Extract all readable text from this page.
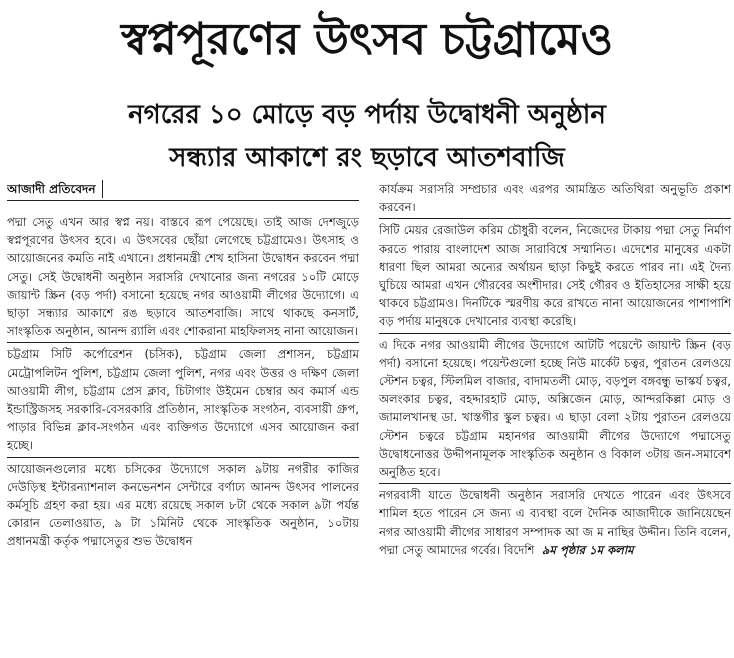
স্বপ্নপূরণের উৎসব চট্টগ্রামেও
নগরের ১০ মোড়ে বড় পর্দায় উদ্বোধনী অনুষ্ঠান
সন্ধ্যার আকাশে রং ছড়াবে আতশবাজি
আজাদী প্রতিবেদন

পদ্মা সেতু এখন আর স্বপ্ন নয়। বাস্তবে রূপ পেয়েছে। তাই আজ দেশজুড়ে স্বপ্নপূরণের উৎসব হবে। এ উৎসবের ছোঁয়া লেগেছে চট্টগ্রামেও। উৎসাহ ও আয়োজনের কমতি নাই এখানে। প্রধানমন্ত্রী শেখ হাসিনা উদ্বোধন করবেন পদ্মা সেতু। সেই উদ্বোধনী অনুষ্ঠান সরাসরি দেখানোর জন্য নগরের ১০টি মোড়ে জায়ান্ট স্ক্রিন (বড় পর্দা) বসানো হয়েছে নগর আওয়ামী লীগের উদ্যোগে। এ ছাড়া সন্ধ্যার আকাশে রঙ ছড়াবে আতশবাজি। সাথে থাকছে কনসার্ট, সাংস্কৃতিক অনুষ্ঠান, আনন্দ র‌্যালি এবং শোকরানা মাহফিলসহ নানা আয়োজন।

চট্টগ্রাম সিটি কর্পোরেশন (চসিক), চট্টগ্রাম জেলা প্রশাসন, চট্টগ্রাম মেট্রোপলিটন পুলিশ, চট্টগ্রাম জেলা পুলিশ, নগর এবং উত্তর ও দক্ষিণ জেলা আওয়ামী লীগ, চট্টগ্রাম প্রেস ক্লাব, চিটাগাং উইমেন চেম্বার অব কমার্স এন্ড ইন্ডাস্ট্রিজসহ সরকারি-বেসরকারি প্রতিষ্ঠান, সাংস্কৃতিক সংগঠন, ব্যবসায়ী গ্রুপ, পাড়ার বিভিন্ন ক্লাব-সংগঠন এবং ব্যক্তিগত উদ্যোগে এসব আয়োজন করা হচ্ছে।

আয়োজনগুলোর মধ্যে চসিকের উদ্যোগে সকাল ৯টায় নগরীর কাজির দেউড়িস্থ ইন্টারন্যাশনাল কনভেনশন সেন্টারে বর্ণাঢ্য আনন্দ উৎসব পালনের কর্মসূচি গ্রহণ করা হয়। এর মধ্যে রয়েছে সকাল ৮টা থেকে সকাল ৯টা পর্যন্ত কোরান তেলাওয়াত, ৯ টা ১মিনিট থেকে সাংস্কৃতিক অনুষ্ঠান, ১০টায় প্রধানমন্ত্রী কর্তৃক পদ্মাসেতুর শুভ উদ্বোধন

কার্যক্রম সরাসরি সম্প্রচার এবং এরপর আমন্ত্রিত অতিথিরা অনুভূতি প্রকাশ করবেন।

সিটি মেয়র রেজাউল করিম চৌধুরী বলেন, নিজেদের টাকায় পদ্মা সেতু নির্মাণ করতে পারায় বাংলাদেশ আজ সারাবিশ্বে সম্মানিত। এদেশের মানুষের একটা ধারণা ছিল আমরা অন্যের অর্থায়ন ছাড়া কিছুই করতে পারব না। এই দৈন্য ঘুচিয়ে আমরা এখন গৌরবের অংশীদার। সেই গৌরব ও ইতিহাসের সাক্ষী হয়ে থাকবে চট্টগ্রামও। দিনটিকে স্মরণীয় করে রাখতে নানা আয়োজনের পাশাপাশি বড় পর্দায় মানুষকে দেখানোর ব্যবস্থা করেছি।

এ দিকে নগর আওয়ামী লীগের উদ্যোগে আটটি পয়েন্টে জায়ান্ট স্ক্রিন (বড় পর্দা) বসানো হয়েছে। পয়েন্টগুলো হচ্ছে নিউ মার্কেট চত্বর, পুরাতন রেলওয়ে স্টেশন চত্বর, স্টিলমিল বাজার, বাদামতলী মোড়, বড়পুল বঙ্গবন্ধু ভাস্কর্য চত্বর, অলংকার চত্বর, বহদ্দারহাট মোড়, অক্সিজেন মোড়, আন্দরকিল্লা মোড় ও জামালখানস্থ ডা. খাস্তগীর স্কুল চত্বর। এ ছাড়া বেলা ২টায় পুরাতন রেলওয়ে স্টেশন চত্বরে চট্টগ্রাম মহানগর আওয়ামী লীগের উদ্যোগে পদ্মাসেতু উদ্বোধনোত্তর উদ্দীপনামূলক সাংস্কৃতিক অনুষ্ঠান ও বিকাল ৩টায় জন-সমাবেশ অনুষ্ঠিত হবে।

নগরবাসী যাতে উদ্বোধনী অনুষ্ঠান সরাসরি দেখতে পারেন এবং উৎসবে শামিল হতে পারেন সে জন্য এ ব্যবস্থা বলে দৈনিক আজাদীকে জানিয়েছেন নগর আওয়ামী লীগের সাধারণ সম্পাদক আ জ ম নাছির উদ্দীন। তিনি বলেন, পদ্মা সেতু আমাদের গর্বের। বিদেশি ৯ম পৃষ্ঠার ১ম কলাম
